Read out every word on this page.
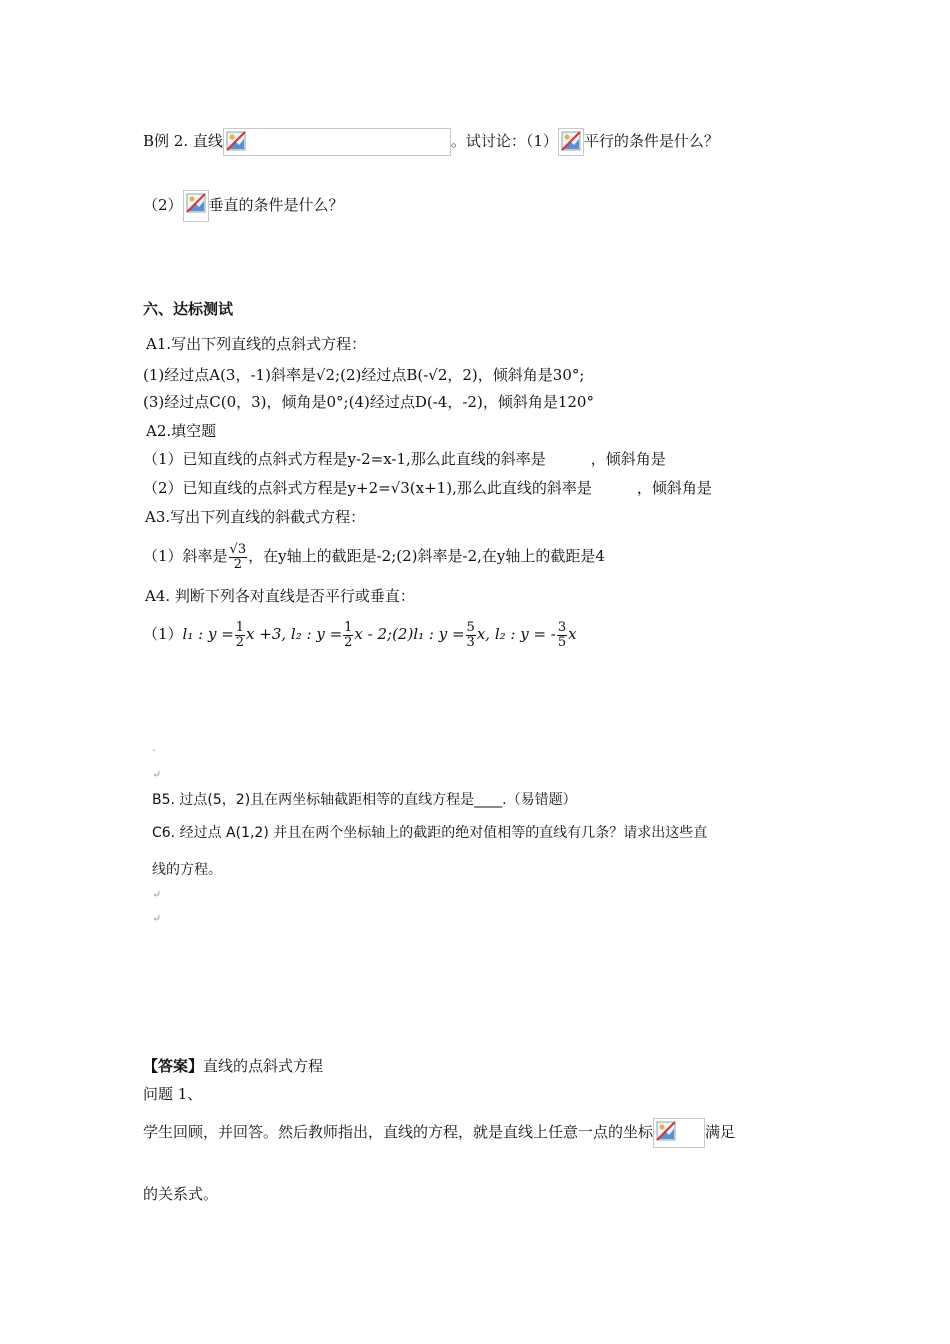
B例 2. 直线	。试讨论：（1） 平行的条件是什么？
（2） 垂直的条件是什么？
六、达标测试
A1.写出下列直线的点斜式方程：
(1)经过点A(3，-1)斜率是√2;(2)经过点B(-√2，2)，倾斜角是30°;
(3)经过点C(0，3)，倾角是0°;(4)经过点D(-4，-2)，倾斜角是120°
A2.填空题
（1）已知直线的点斜式方程是y-2=x-1,那么此直线的斜率是　　　，倾斜角是
（2）已知直线的点斜式方程是y+2=√3(x+1),那么此直线的斜率是　　　，倾斜角是
A3.写出下列直线的斜截式方程：
（1）斜率是 $\frac{√3}{2}$ ，在y轴上的截距是-2;(2)斜率是-2,在y轴上的截距是4
A4. 判断下列各对直线是否平行或垂直：
（1）l₁ : $y = \frac{1}{2}$ x +3, l₂ : $y = \frac{1}{2}$ x - 2;(2)l₁ : $y = \frac{5}{3} x$, l₂ : y = - $\frac{3}{5}$ x
·
↵
B5. 过点(5，2)且在两坐标轴截距相等的直线方程是____.（易错题）
C6. 经过点 A(1,2) 并且在两个坐标轴上的截距的绝对值相等的直线有几条？请求出这些直
线的方程。
↵
↵
【答案】直线的点斜式方程
问题 1、
学生回顾，并回答。然后教师指出，直线的方程，就是直线上任意一点的坐标	满足
的关系式。
